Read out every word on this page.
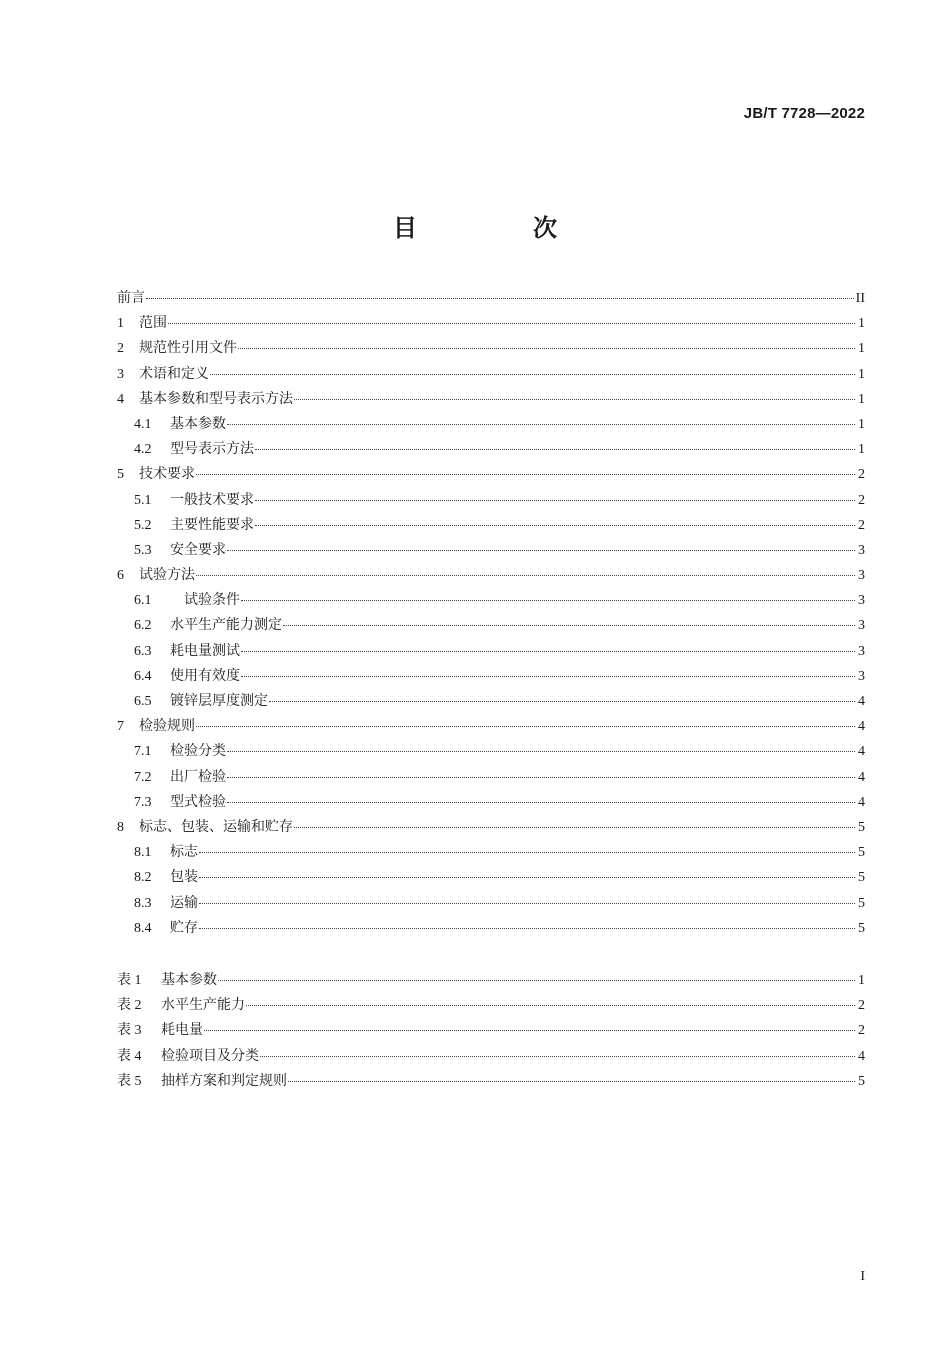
JB/T 7728—2022
目　次
前言	II
1	范围	1
2	规范性引用文件	1
3	术语和定义	1
4	基本参数和型号表示方法	1
4.1	基本参数	1
4.2	型号表示方法	1
5	技术要求	2
5.1	一般技术要求	2
5.2	主要性能要求	2
5.3	安全要求	3
6	试验方法	3
6.1	　试验条件	3
6.2	水平生产能力测定	3
6.3	耗电量测试	3
6.4	使用有效度	3
6.5	镀锌层厚度测定	4
7	检验规则	4
7.1	检验分类	4
7.2	出厂检验	4
7.3	型式检验	4
8	标志、包装、运输和贮存	5
8.1	标志	5
8.2	包装	5
8.3	运输	5
8.4	贮存	5
表 1	基本参数	1
表 2	水平生产能力	2
表 3	耗电量	2
表 4	检验项目及分类	4
表 5	抽样方案和判定规则	5
I
